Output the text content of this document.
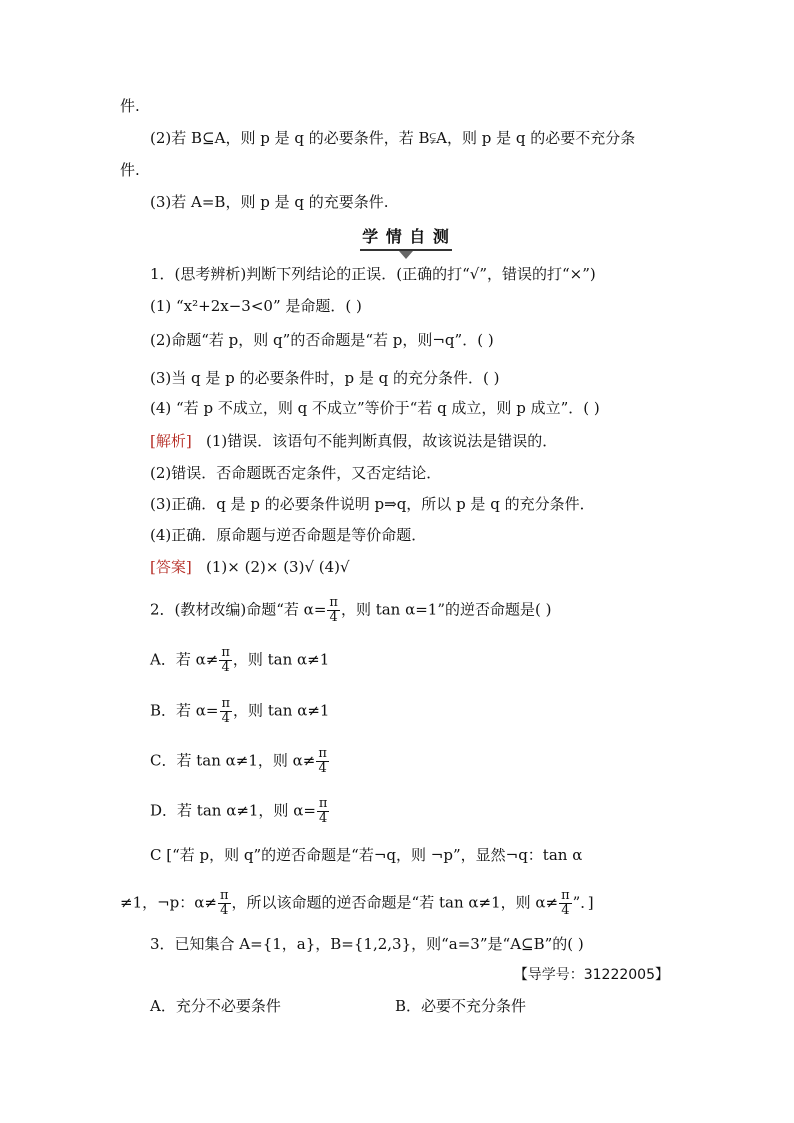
件.
(2)若 B⊆A，则 p 是 q 的必要条件，若 B⫋A，则 p 是 q 的必要不充分条
件.
(3)若 A=B，则 p 是 q 的充要条件.
学 情 自 测
1．(思考辨析)判断下列结论的正误．(正确的打“√”，错误的打“×”)
(1) “x²+2x−3<0” 是命题．( )
(2)命题“若 p，则 q”的否命题是“若 p，则¬q”．( )
(3)当 q 是 p 的必要条件时，p 是 q 的充分条件．( )
(4) “若 p 不成立，则 q 不成立”等价于“若 q 成立，则 p 成立”．( )
[解析] (1)错误．该语句不能判断真假，故该说法是错误的．
(2)错误．否命题既否定条件，又否定结论．
(3)正确．q 是 p 的必要条件说明 p⇒q，所以 p 是 q 的充分条件．
(4)正确．原命题与逆否命题是等价命题．
[答案] (1)× (2)× (3)√ (4)√
2．(教材改编)命题“若 $\alpha= \frac{\pi}{4}$ ，则 tan α=1”的逆否命题是( )
A．若 $\alpha\ne \frac{\pi}{4}$ ，则 tan α≠1
B．若 $\alpha= \frac{\pi}{4}$ ，则 tan α≠1
C．若 tan α≠1，则 $\alpha\ne \frac{\pi}{4}$
D．若 tan α≠1，则 $\alpha= \frac{\pi}{4}$
C [“若 p，则 q”的逆否命题是“若¬q，则 ¬p”，显然¬q：tan α
≠1，¬p：$\alpha\ne \frac{\pi}{4}$ ，所以该命题的逆否命题是“若 tan α≠1，则 $\alpha\ne \frac{\pi}{4}$ ”．]
3．已知集合 A={1，a}，B={1,2,3}，则“a=3”是“A⊆B”的( )
【导学号：31222005】
A．充分不必要条件	B．必要不充分条件
